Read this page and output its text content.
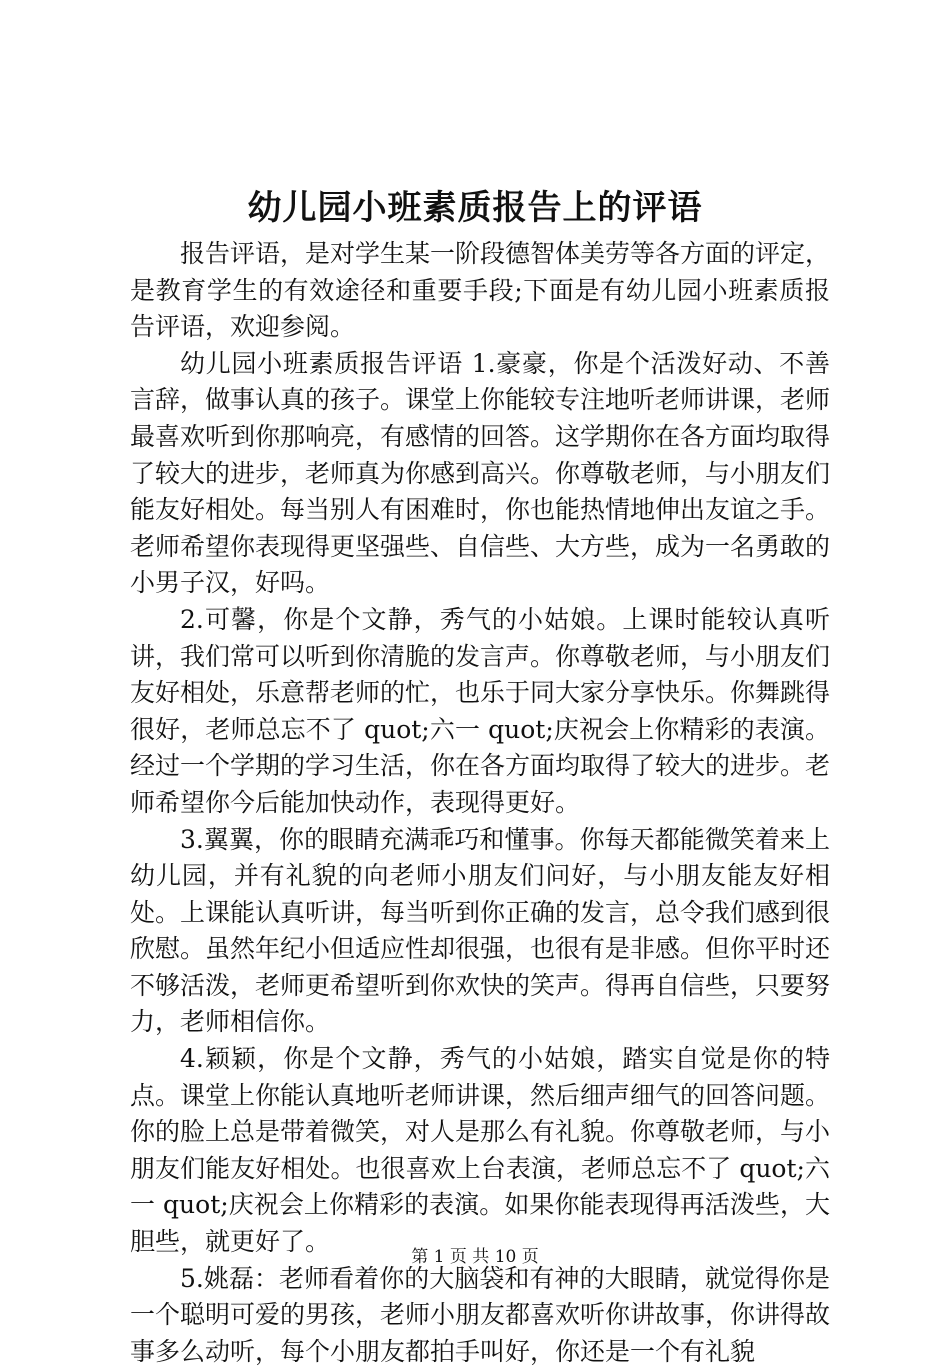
幼儿园小班素质报告上的评语

报告评语，是对学生某一阶段德智体美劳等各方面的评定，是教育学生的有效途径和重要手段;下面是有幼儿园小班素质报告评语，欢迎参阅。

幼儿园小班素质报告评语 1.豪豪，你是个活泼好动、不善言辞，做事认真的孩子。课堂上你能较专注地听老师讲课，老师最喜欢听到你那响亮，有感情的回答。这学期你在各方面均取得了较大的进步，老师真为你感到高兴。你尊敬老师，与小朋友们能友好相处。每当别人有困难时，你也能热情地伸出友谊之手。老师希望你表现得更坚强些、自信些、大方些，成为一名勇敢的小男子汉，好吗。

2.可馨，你是个文静，秀气的小姑娘。上课时能较认真听讲，我们常可以听到你清脆的发言声。你尊敬老师，与小朋友们友好相处，乐意帮老师的忙，也乐于同大家分享快乐。你舞跳得很好，老师总忘不了 quot;六一 quot;庆祝会上你精彩的表演。经过一个学期的学习生活，你在各方面均取得了较大的进步。老师希望你今后能加快动作，表现得更好。

3.翼翼，你的眼睛充满乖巧和懂事。你每天都能微笑着来上幼儿园，并有礼貌的向老师小朋友们问好，与小朋友能友好相处。上课能认真听讲，每当听到你正确的发言，总令我们感到很欣慰。虽然年纪小但适应性却很强，也很有是非感。但你平时还不够活泼，老师更希望听到你欢快的笑声。得再自信些，只要努力，老师相信你。

4.颖颖，你是个文静，秀气的小姑娘，踏实自觉是你的特点。课堂上你能认真地听老师讲课，然后细声细气的回答问题。你的脸上总是带着微笑，对人是那么有礼貌。你尊敬老师，与小朋友们能友好相处。也很喜欢上台表演，老师总忘不了 quot;六一 quot;庆祝会上你精彩的表演。如果你能表现得再活泼些，大胆些，就更好了。

5.姚磊：老师看着你的大脑袋和有神的大眼睛，就觉得你是一个聪明可爱的男孩，老师小朋友都喜欢听你讲故事，你讲得故事多么动听，每个小朋友都拍手叫好，你还是一个有礼貌

第 1 页 共 10 页
